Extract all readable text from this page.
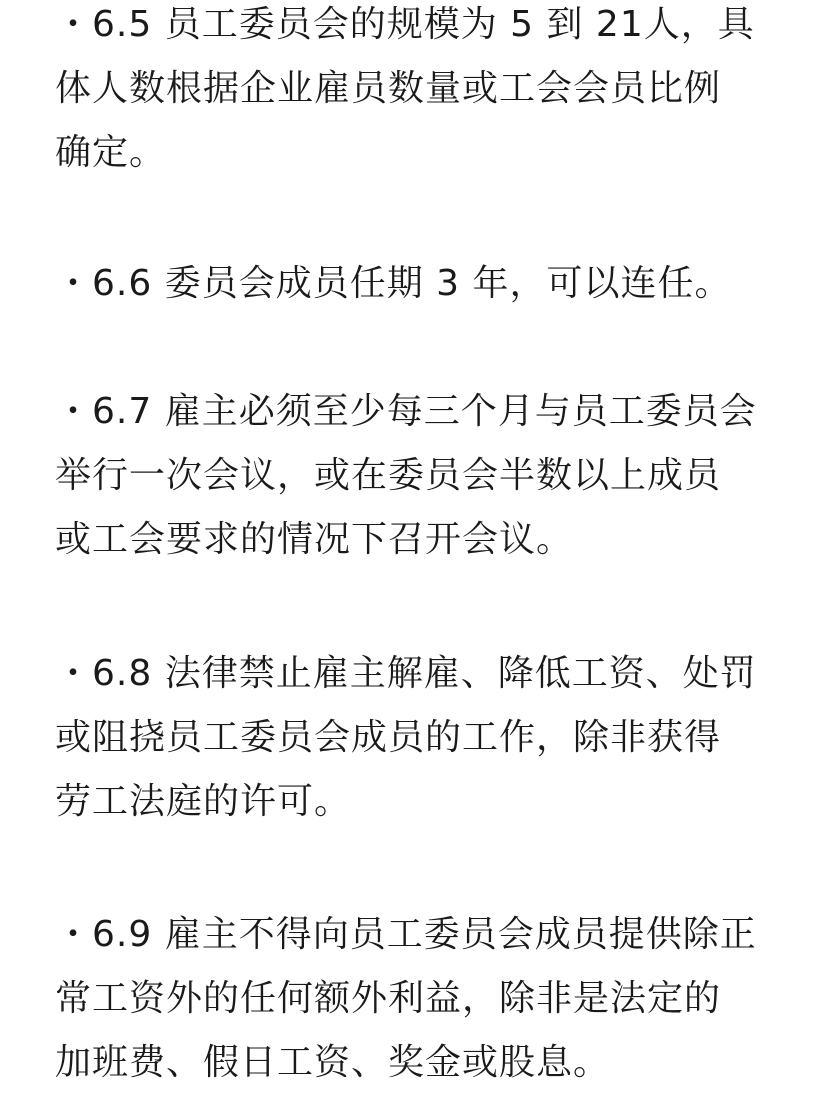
・6.5 员工委员会的规模为 5 到 21人，具
体人数根据企业雇员数量或工会会员比例
确定。
・6.6 委员会成员任期 3 年，可以连任。
・6.7 雇主必须至少每三个月与员工委员会
举行一次会议，或在委员会半数以上成员
或工会要求的情况下召开会议。
・6.8 法律禁止雇主解雇、降低工资、处罚
或阻挠员工委员会成员的工作，除非获得
劳工法庭的许可。
・6.9 雇主不得向员工委员会成员提供除正
常工资外的任何额外利益，除非是法定的
加班费、假日工资、奖金或股息。
